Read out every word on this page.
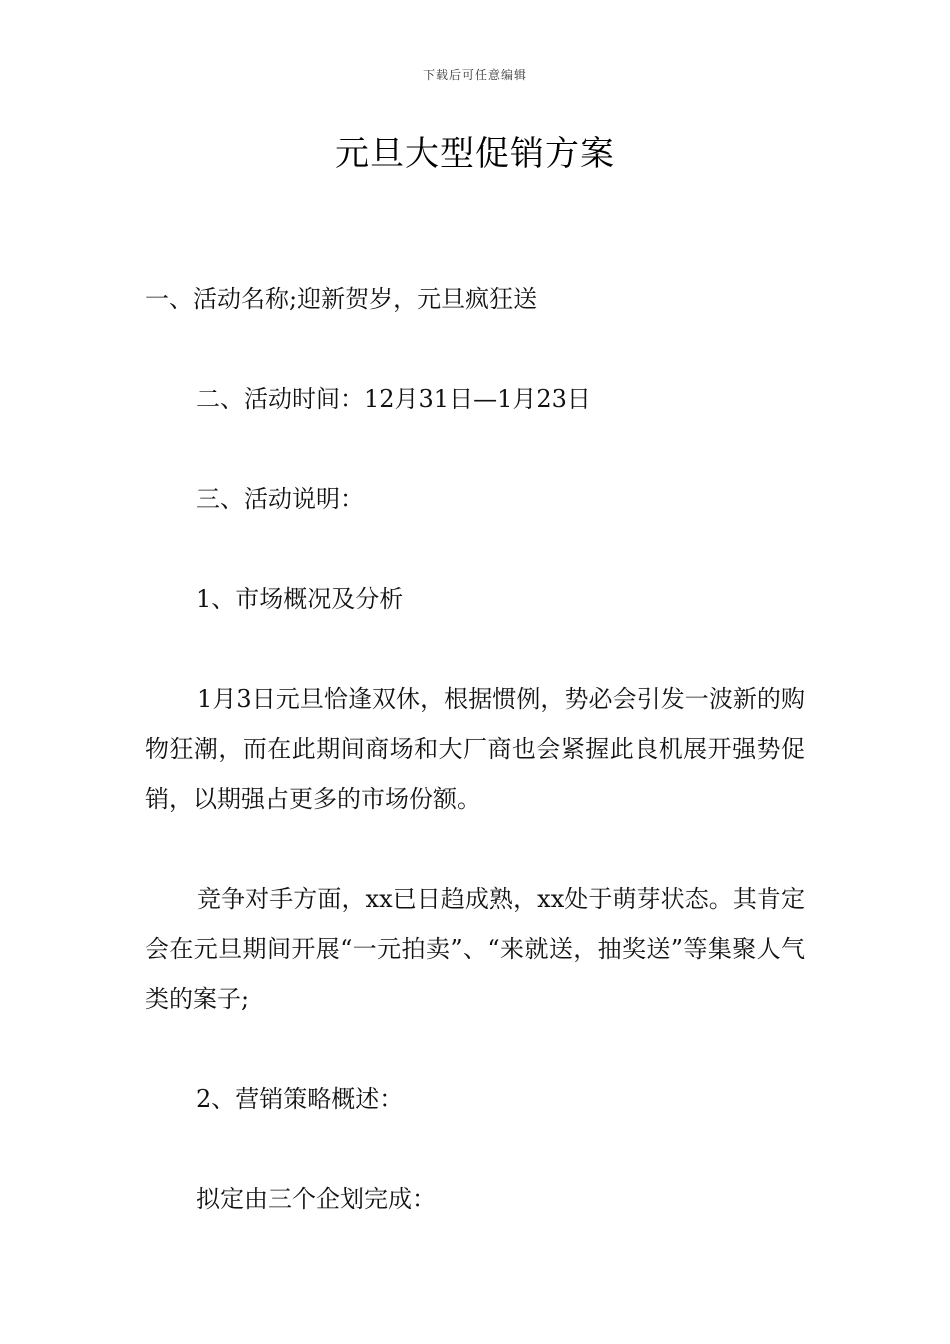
下载后可任意编辑
元旦大型促销方案
一、活动名称;迎新贺岁，元旦疯狂送
二、活动时间：12月31日—1月23日
三、活动说明：
1、市场概况及分析
1月3日元旦恰逢双休，根据惯例，势必会引发一波新的购物狂潮，而在此期间商场和大厂商也会紧握此良机展开强势促销，以期强占更多的市场份额。
竞争对手方面，xx已日趋成熟，xx处于萌芽状态。其肯定会在元旦期间开展“一元拍卖”、“来就送，抽奖送”等集聚人气类的案子;
2、营销策略概述：
拟定由三个企划完成：
